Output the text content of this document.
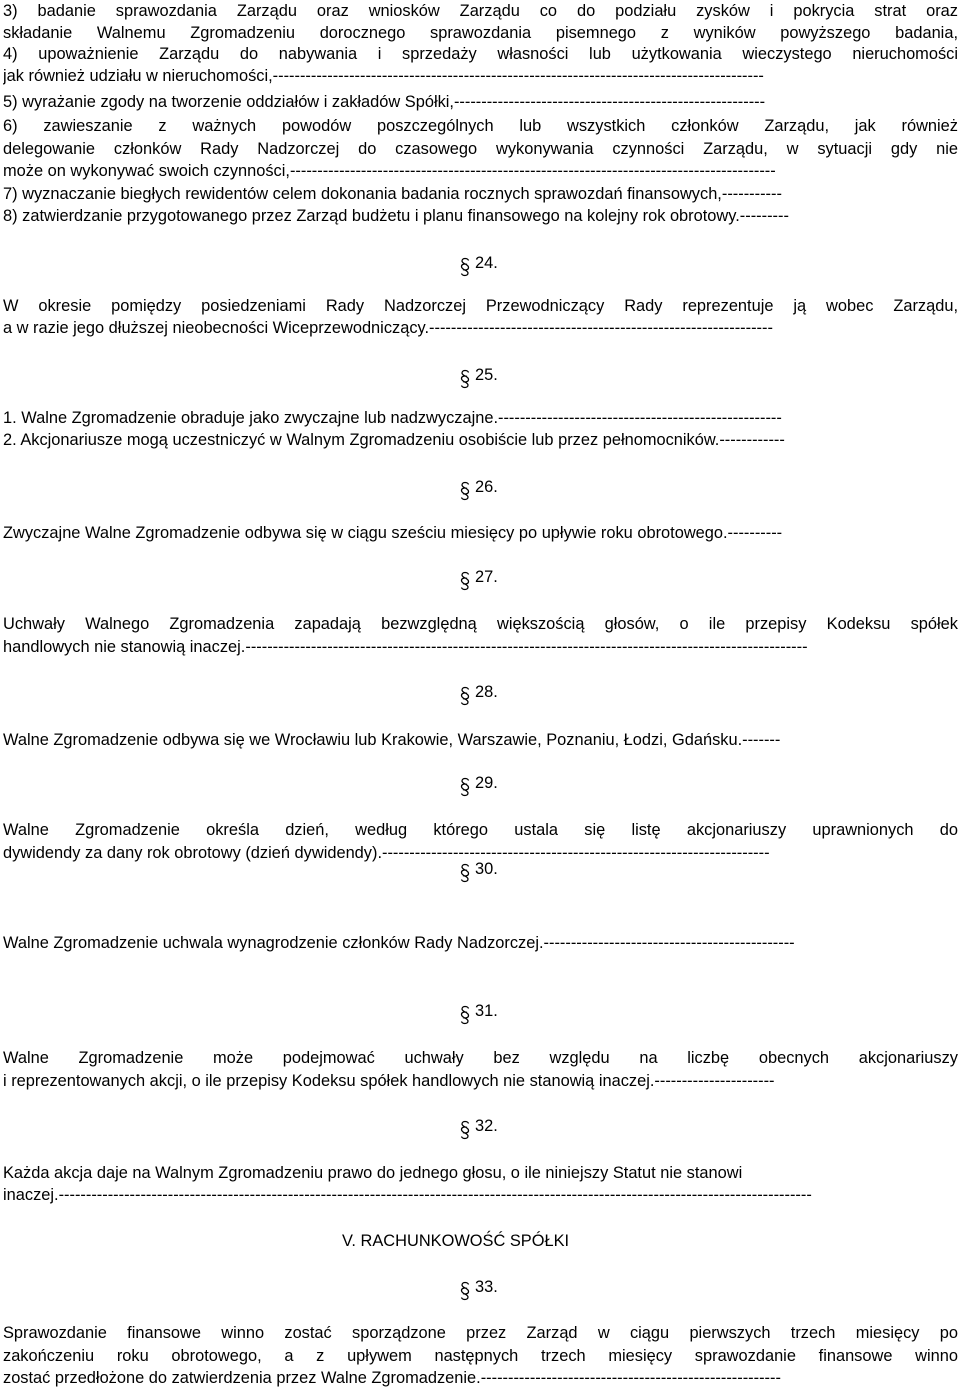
3) badanie sprawozdania Zarządu oraz wniosków Zarządu co do podziału zysków i pokrycia strat oraz
składanie Walnemu Zgromadzeniu dorocznego sprawozdania pisemnego z wyników powyższego badania,
4) upoważnienie Zarządu do nabywania i sprzedaży własności lub użytkowania wieczystego nieruchomości
jak również udziału w nieruchomości,------------------------------------------------------------------------------------------
5) wyrażanie zgody na tworzenie oddziałów i zakładów Spółki,---------------------------------------------------------
6) zawieszanie z ważnych powodów poszczególnych lub wszystkich członków Zarządu, jak również
delegowanie członków Rady Nadzorczej do czasowego wykonywania czynności Zarządu, w sytuacji gdy nie
może on wykonywać swoich czynności,-----------------------------------------------------------------------------------------
7) wyznaczanie biegłych rewidentów celem dokonania badania rocznych sprawozdań finansowych,-----------
8) zatwierdzanie przygotowanego przez Zarząd budżetu i planu finansowego na kolejny rok obrotowy.---------
24.
W okresie pomiędzy posiedzeniami Rady Nadzorczej Przewodniczący Rady reprezentuje ją wobec Zarządu,
a w razie jego dłuższej nieobecności Wiceprzewodniczący.---------------------------------------------------------------
25.
1. Walne Zgromadzenie obraduje jako zwyczajne lub nadzwyczajne.----------------------------------------------------
2. Akcjonariusze mogą uczestniczyć w Walnym Zgromadzeniu osobiście lub przez pełnomocników.------------
26.
Zwyczajne Walne Zgromadzenie odbywa się w ciągu sześciu miesięcy po upływie roku obrotowego.----------
27.
Uchwały Walnego Zgromadzenia zapadają bezwzględną większością głosów, o ile przepisy Kodeksu spółek
handlowych nie stanowią inaczej.-------------------------------------------------------------------------------------------------------
28.
Walne Zgromadzenie odbywa się we Wrocławiu lub Krakowie, Warszawie, Poznaniu, Łodzi, Gdańsku.-------
29.
Walne Zgromadzenie określa dzień, według którego ustala się listę akcjonariuszy uprawnionych do
dywidendy za dany rok obrotowy (dzień dywidendy).-----------------------------------------------------------------------
30.
Walne Zgromadzenie uchwala wynagrodzenie członków Rady Nadzorczej.----------------------------------------------
31.
Walne Zgromadzenie może podejmować uchwały bez względu na liczbę obecnych akcjonariuszy
i reprezentowanych akcji, o ile przepisy Kodeksu spółek handlowych nie stanowią inaczej.----------------------
32.
Każda akcja daje na Walnym Zgromadzeniu prawo do jednego głosu, o ile niniejszy Statut nie stanowi
inaczej.------------------------------------------------------------------------------------------------------------------------------------------
V. RACHUNKOWOŚĆ SPÓŁKI
33.
Sprawozdanie finansowe winno zostać sporządzone przez Zarząd w ciągu pierwszych trzech miesięcy po
zakończeniu roku obrotowego, a z upływem następnych trzech miesięcy sprawozdanie finansowe winno
zostać przedłożone do zatwierdzenia przez Walne Zgromadzenie.-------------------------------------------------------
